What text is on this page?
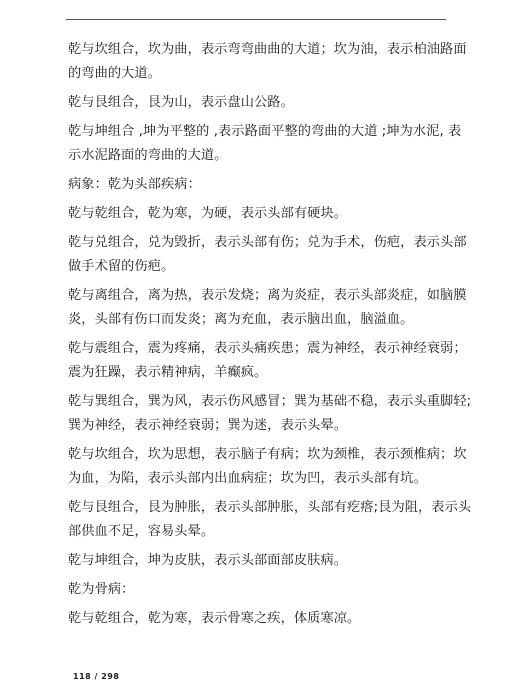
乾与坎组合，坎为曲，表示弯弯曲曲的大道；坎为油，表示柏油路面
的弯曲的大道。

乾与艮组合，艮为山，表示盘山公路。

乾与坤组合 ,坤为平整的 ,表示路面平整的弯曲的大道 ;坤为水泥, 表
示水泥路面的弯曲的大道。

病象：乾为头部疾病：

乾与乾组合，乾为寒，为硬，表示头部有硬块。

乾与兑组合，兑为毁折，表示头部有伤；兑为手术，伤疤，表示头部
做手术留的伤疤。

乾与离组合，离为热，表示发烧；离为炎症，表示头部炎症，如脑膜
炎，头部有伤口而发炎；离为充血，表示脑出血，脑溢血。

乾与震组合，震为疼痛，表示头痛疾患；震为神经，表示神经衰弱；
震为狂躁，表示精神病，羊癫疯。

乾与巽组合，巽为风，表示伤风感冒；巽为基础不稳，表示头重脚轻;
巽为神经，表示神经衰弱；巽为迷，表示头晕。

乾与坎组合，坎为思想，表示脑子有病；坎为颈椎，表示颈椎病；坎
为血，为陷，表示头部内出血病症；坎为凹，表示头部有坑。

乾与艮组合，艮为肿胀，表示头部肿胀，头部有疙瘩;艮为阻，表示头
部供血不足，容易头晕。

乾与坤组合，坤为皮肤，表示头部面部皮肤病。

乾为骨病：

乾与乾组合，乾为寒，表示骨寒之疾，体质寒凉。

118 / 298
